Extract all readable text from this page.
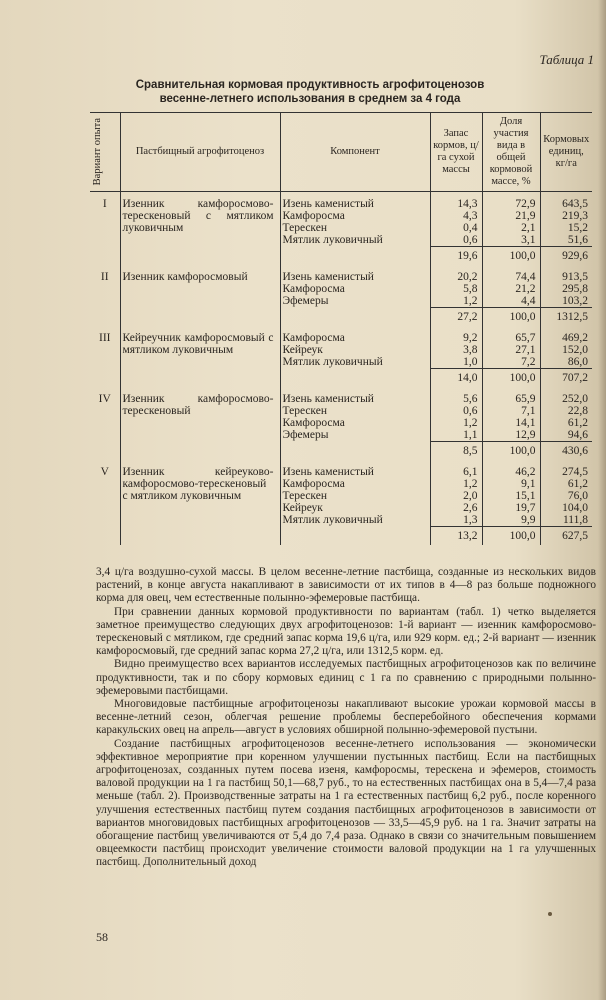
Таблица 1
Сравнительная кормовая продуктивность агрофитоценозов
весенне-летнего использования в среднем за 4 года
Вариант опыта	Пастбищный агрофитоценоз	Компонент	Запас кормов, ц/га сухой массы	Доля участия вида в общей кормовой массе, %	Кормовых единиц, кг/га
I	Изенник камфоросмово-терескеновый с мятликом луковичным	Изень каменистый	14,3	72,9	643,5
		Камфоросма	4,3	21,9	219,3
		Терескен	0,4	2,1	15,2
		Мятлик луковичный	0,6	3,1	51,6
			19,6	100,0	929,6
II	Изенник камфоросмовый	Изень каменистый	20,2	74,4	913,5
		Камфоросма	5,8	21,2	295,8
		Эфемеры	1,2	4,4	103,2
			27,2	100,0	1312,5
III	Кейреучник камфоросмовый с мятликом луковичным	Камфоросма	9,2	65,7	469,2
		Кейреук	3,8	27,1	152,0
		Мятлик луковичный	1,0	7,2	86,0
			14,0	100,0	707,2
IV	Изенник камфоросмово-терескеновый	Изень каменистый	5,6	65,9	252,0
		Терескен	0,6	7,1	22,8
		Камфоросма	1,2	14,1	61,2
		Эфемеры	1,1	12,9	94,6
			8,5	100,0	430,6
V	Изенник кейреуково-камфоросмово-терескеновый с мятликом луковичным	Изень каменистый	6,1	46,2	274,5
		Камфоросма	1,2	9,1	61,2
		Терескен	2,0	15,1	76,0
		Кейреук	2,6	19,7	104,0
		Мятлик луковичный	1,3	9,9	111,8
			13,2	100,0	627,5

3,4 ц/га воздушно-сухой массы. В целом весенне-летние пастбища, созданные из нескольких видов растений, в конце августа накапливают в зависимости от их типов в 4—8 раз больше подножного корма для овец, чем естественные полынно-эфемеровые пастбища.

При сравнении данных кормовой продуктивности по вариантам (табл. 1) четко выделяется заметное преимущество следующих двух агрофитоценозов: 1-й вариант — изенник камфоросмово-терескеновый с мятликом, где средний запас корма 19,6 ц/га, или 929 корм. ед.; 2-й вариант — изенник камфоросмовый, где средний запас корма 27,2 ц/га, или 1312,5 корм. ед.

Видно преимущество всех вариантов исследуемых пастбищных агрофитоценозов как по величине продуктивности, так и по сбору кормовых единиц с 1 га по сравнению с природными полынно-эфемеровыми пастбищами.

Многовидовые пастбищные агрофитоценозы накапливают высокие урожаи кормовой массы в весенне-летний сезон, облегчая решение проблемы бесперебойного обеспечения кормами каракульских овец на апрель—август в условиях обширной полынно-эфемеровой пустыни.

Создание пастбищных агрофитоценозов весенне-летнего использования — экономически эффективное мероприятие при коренном улучшении пустынных пастбищ. Если на пастбищных агрофитоценозах, созданных путем посева изеня, камфоросмы, терескена и эфемеров, стоимость валовой продукции на 1 га пастбищ 50,1—68,7 руб., то на естественных пастбищах она в 5,4—7,4 раза меньше (табл. 2). Производственные затраты на 1 га естественных пастбищ 6,2 руб., после коренного улучшения естественных пастбищ путем создания пастбищных агрофитоценозов в зависимости от вариантов многовидовых пастбищных агрофитоценозов — 33,5—45,9 руб. на 1 га. Значит затраты на обогащение пастбищ увеличиваются от 5,4 до 7,4 раза. Однако в связи со значительным повышением овцеемкости пастбищ происходит увеличение стоимости валовой продукции на 1 га улучшенных пастбищ. Дополнительный доход

58
